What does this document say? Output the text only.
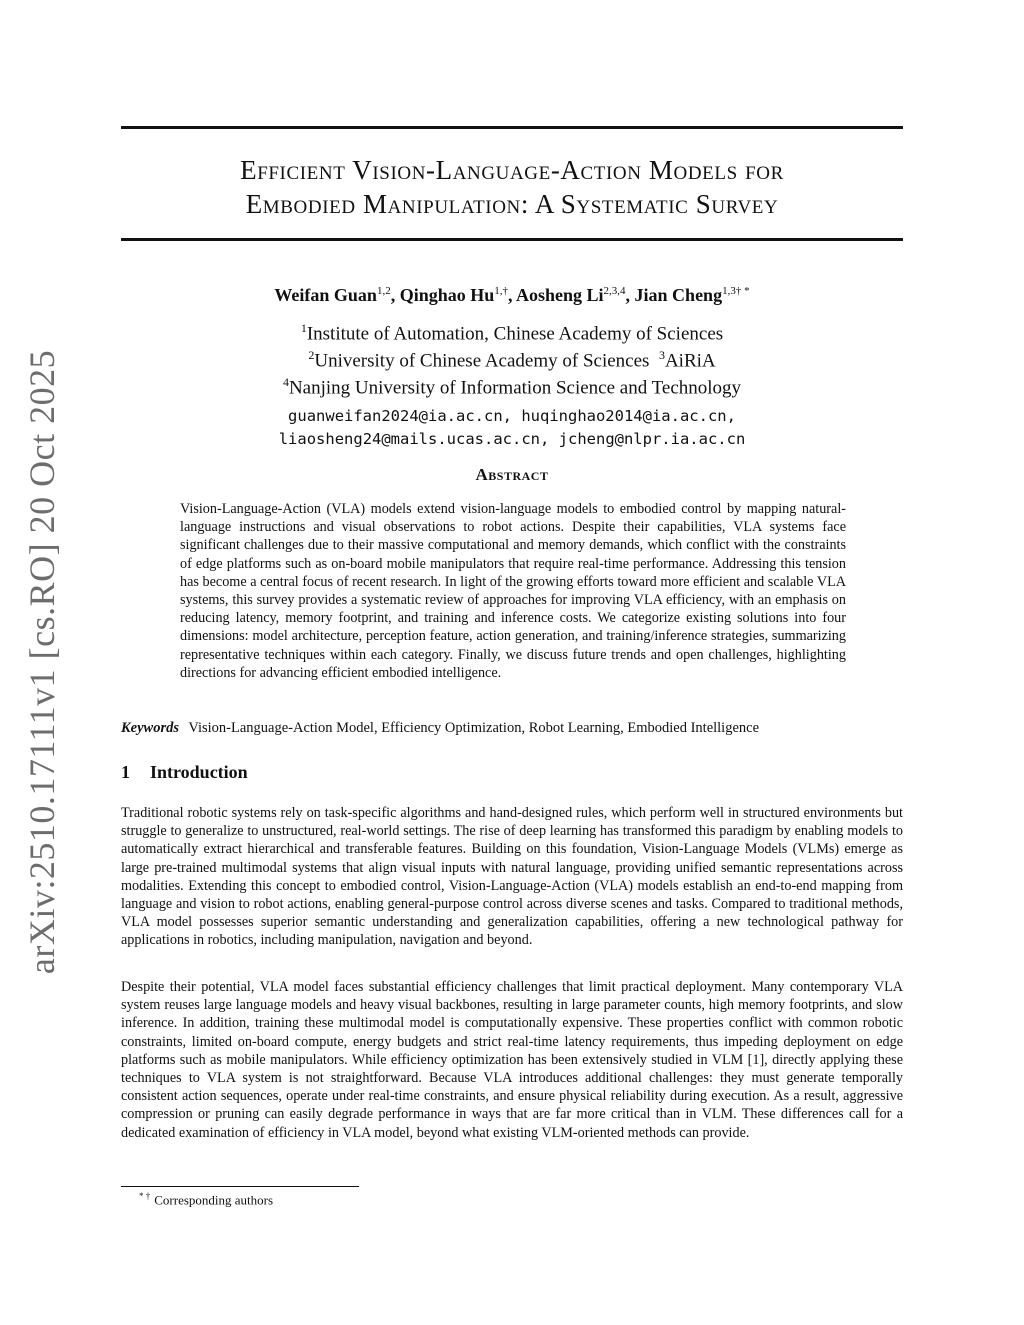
arXiv:2510.17111v1 [cs.RO] 20 Oct 2025
Efficient Vision-Language-Action Models for
Embodied Manipulation: A Systematic Survey
Weifan Guan$^{1,2}$, Qinghao $Hu^{1,\dagger}$, Aosheng Li$^{2,3,4}$, Jian Cheng$^{1,3\dagger *}$
$^1$Institute of Automation, Chinese Academy of Sciences
$^2$University of Chinese Academy of Sciences $^3$AiRiA
$^4$Nanjing University of Information Science and Technology
guanweifan2024@ia.ac.cn, huqinghao2014@ia.ac.cn,
liaosheng24@mails.ucas.ac.cn, jcheng@nlpr.ia.ac.cn
Abstract
Vision-Language-Action (VLA) models extend vision-language models to embodied control by mapping natural-language instructions and visual observations to robot actions. Despite their capabilities, VLA systems face significant challenges due to their massive computational and memory demands, which conflict with the constraints of edge platforms such as on-board mobile manipulators that require real-time performance. Addressing this tension has become a central focus of recent research. In light of the growing efforts toward more efficient and scalable VLA systems, this survey provides a systematic review of approaches for improving VLA efficiency, with an emphasis on reducing latency, memory footprint, and training and inference costs. We categorize existing solutions into four dimensions: model architecture, perception feature, action generation, and training/inference strategies, summarizing representative techniques within each category. Finally, we discuss future trends and open challenges, highlighting directions for advancing efficient embodied intelligence.
Keywords Vision-Language-Action Model, Efficiency Optimization, Robot Learning, Embodied Intelligence
1 Introduction
Traditional robotic systems rely on task-specific algorithms and hand-designed rules, which perform well in structured environments but struggle to generalize to unstructured, real-world settings. The rise of deep learning has transformed this paradigm by enabling models to automatically extract hierarchical and transferable features. Building on this foundation, Vision-Language Models (VLMs) emerge as large pre-trained multimodal systems that align visual inputs with natural language, providing unified semantic representations across modalities. Extending this concept to embodied control, Vision-Language-Action (VLA) models establish an end-to-end mapping from language and vision to robot actions, enabling general-purpose control across diverse scenes and tasks. Compared to traditional methods, VLA model possesses superior semantic understanding and generalization capabilities, offering a new technological pathway for applications in robotics, including manipulation, navigation and beyond.
Despite their potential, VLA model faces substantial efficiency challenges that limit practical deployment. Many contemporary VLA system reuses large language models and heavy visual backbones, resulting in large parameter counts, high memory footprints, and slow inference. In addition, training these multimodal model is computationally expensive. These properties conflict with common robotic constraints, limited on-board compute, energy budgets and strict real-time latency requirements, thus impeding deployment on edge platforms such as mobile manipulators. While efficiency optimization has been extensively studied in VLM [1], directly applying these techniques to VLA system is not straightforward. Because VLA introduces additional challenges: they must generate temporally consistent action sequences, operate under real-time constraints, and ensure physical reliability during execution. As a result, aggressive compression or pruning can easily degrade performance in ways that are far more critical than in VLM. These differences call for a dedicated examination of efficiency in VLA model, beyond what existing VLM-oriented methods can provide.
* † Corresponding authors
